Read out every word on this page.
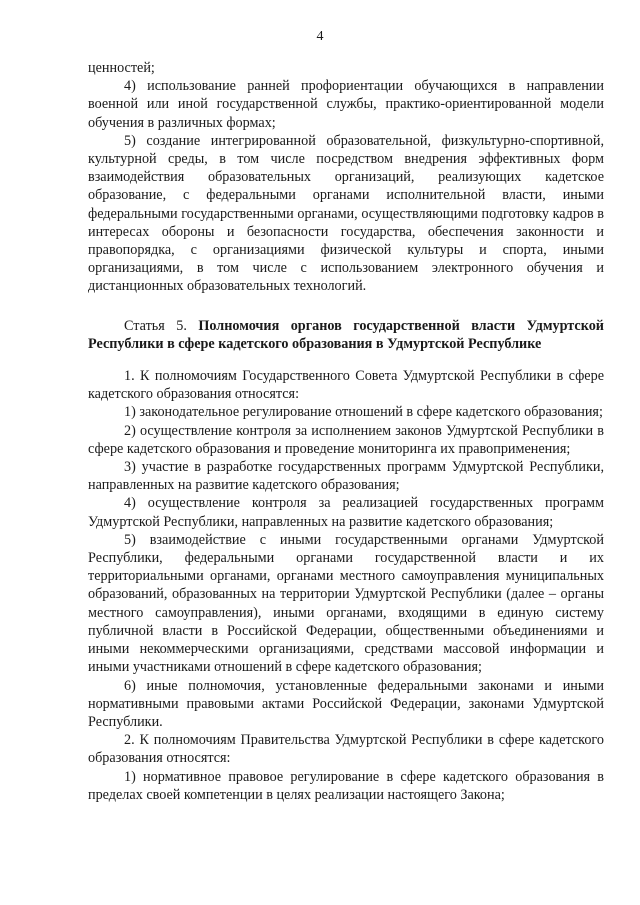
4

ценностей;

4) использование ранней профориентации обучающихся в направлении военной или иной государственной службы, практико-ориентированной модели обучения в различных формах;

5) создание интегрированной образовательной, физкультурно-спортивной, культурной среды, в том числе посредством внедрения эффективных форм взаимодействия образовательных организаций, реализующих кадетское образование, с федеральными органами исполнительной власти, иными федеральными государственными органами, осуществляющими подготовку кадров в интересах обороны и безопасности государства, обеспечения законности и правопорядка, с организациями физической культуры и спорта, иными организациями, в том числе с использованием электронного обучения и дистанционных образовательных технологий.

Статья 5. Полномочия органов государственной власти Удмуртской Республики в сфере кадетского образования в Удмуртской Республике

1. К полномочиям Государственного Совета Удмуртской Республики в сфере кадетского образования относятся:

1) законодательное регулирование отношений в сфере кадетского образования;

2) осуществление контроля за исполнением законов Удмуртской Республики в сфере кадетского образования и проведение мониторинга их правоприменения;

3) участие в разработке государственных программ Удмуртской Республики, направленных на развитие кадетского образования;

4) осуществление контроля за реализацией государственных программ Удмуртской Республики, направленных на развитие кадетского образования;

5) взаимодействие с иными государственными органами Удмуртской Республики, федеральными органами государственной власти и их территориальными органами, органами местного самоуправления муниципальных образований, образованных на территории Удмуртской Республики (далее – органы местного самоуправления), иными органами, входящими в единую систему публичной власти в Российской Федерации, общественными объединениями и иными некоммерческими организациями, средствами массовой информации и иными участниками отношений в сфере кадетского образования;

6) иные полномочия, установленные федеральными законами и иными нормативными правовыми актами Российской Федерации, законами Удмуртской Республики.

2. К полномочиям Правительства Удмуртской Республики в сфере кадетского образования относятся:

1) нормативное правовое регулирование в сфере кадетского образования в пределах своей компетенции в целях реализации настоящего Закона;
